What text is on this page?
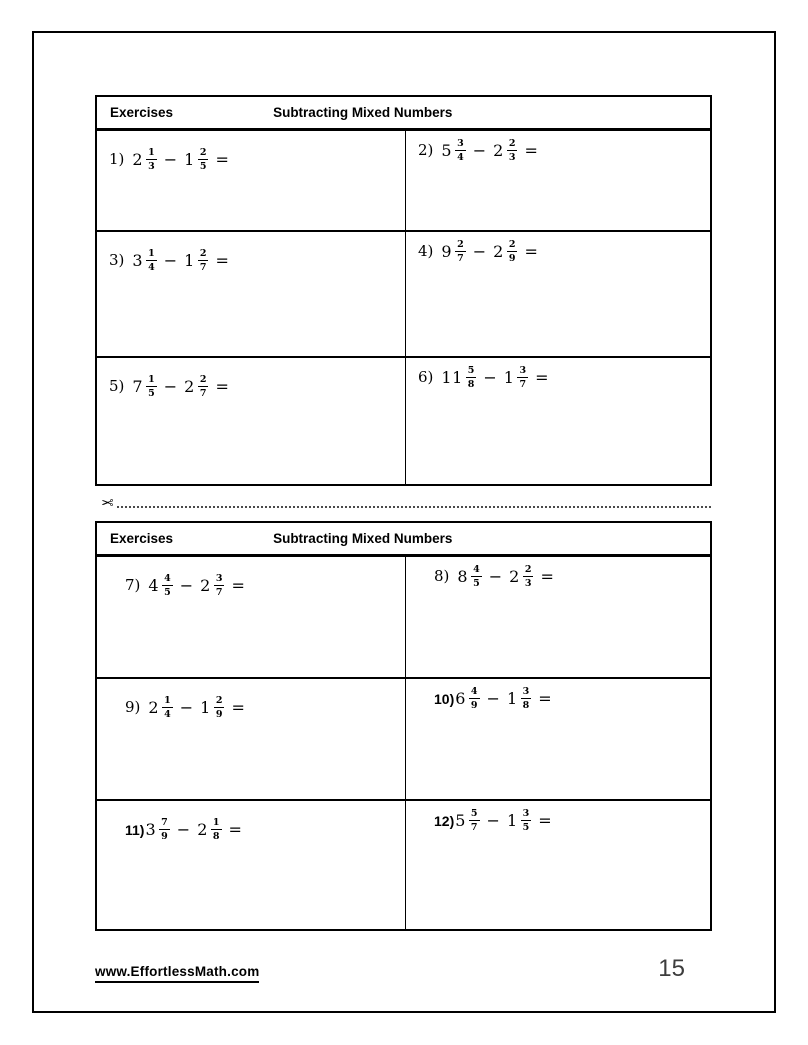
Exercises	Subtracting Mixed Numbers
1) $2 \frac{1}{3} - 1 \frac{2}{5}$ =	2) $5 \frac{3}{4} - 2 \frac{2}{3}$ =
3) $3 \frac{1}{4} - 1 \frac{2}{7}$ =	4) $9 \frac{2}{7} - 2 \frac{2}{9}$ =
5) $7 \frac{1}{5} - 2 \frac{2}{7}$ =	6) $11 \frac{5}{8} - 1 \frac{3}{7}$ =
✂
Exercises	Subtracting Mixed Numbers
7) $4 \frac{4}{5} - 2 \frac{3}{7}$ =	8) $8 \frac{4}{5} - 2 \frac{2}{3}$ =
9) $2 \frac{1}{4} - 1 \frac{2}{9}$ =	10) $6 \frac{4}{9} - 1 \frac{3}{8}$ =
11) $3 \frac{7}{9} - 2 \frac{1}{8}$ =	12) $5 \frac{5}{7} - 1 \frac{3}{5}$ =
www.EffortlessMath.com	15
